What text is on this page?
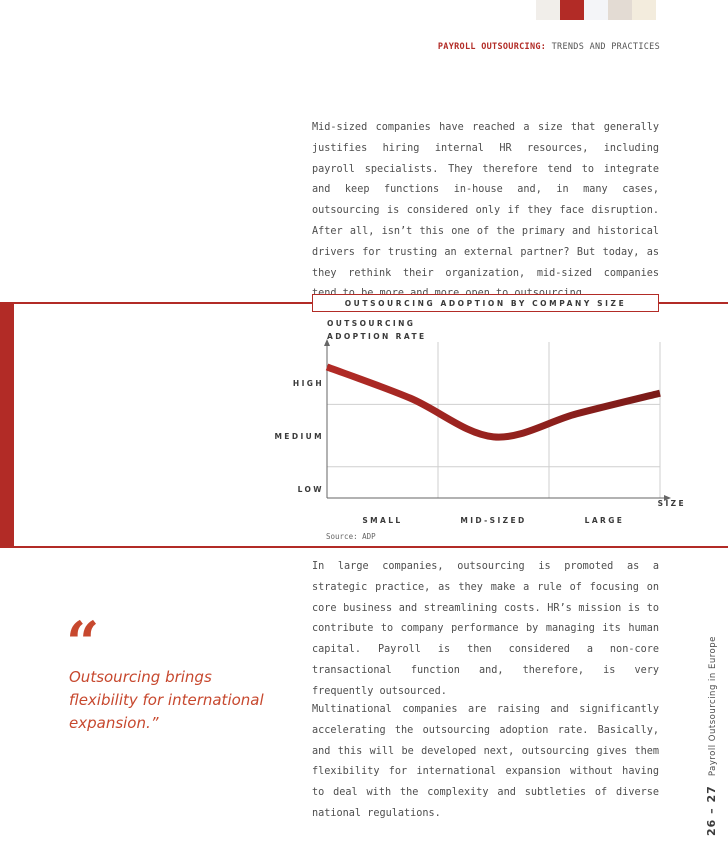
PAYROLL OUTSOURCING: TRENDS AND PRACTICES

Mid-sized companies have reached a size that generally justifies hiring internal HR resources, including payroll specialists. They therefore tend to integrate and keep functions in-house and, in many cases, outsourcing is considered only if they face disruption. After all, isn’t this one of the primary and historical drivers for trusting an external partner? But today, as they rethink their organization, mid-sized companies

OUTSOURCING ADOPTION BY COMPANY SIZE
OUTSOURCING
ADOPTION RATE
LOW
MEDIUM
HIGH
SIZE
SMALL	MID-SIZED	LARGE
Source: ADP

In large companies, outsourcing is promoted as a strategic practice, as they make a rule of focusing on core business and streamlining costs. HR’s mission is to contribute to company performance by managing its human capital. Payroll is then considered a non-core transactional function and, therefore, is very frequently outsourced.

Multinational companies are raising and significantly accelerating the outsourcing adoption rate. Basically, and this will be developed next, outsourcing gives them flexibility for international expansion without having to deal with the complexity and subtleties of diverse national regulations.

“
Outsourcing brings flexibility for international expansion.”
26 – 27 Payroll Outsourcing in Europe
